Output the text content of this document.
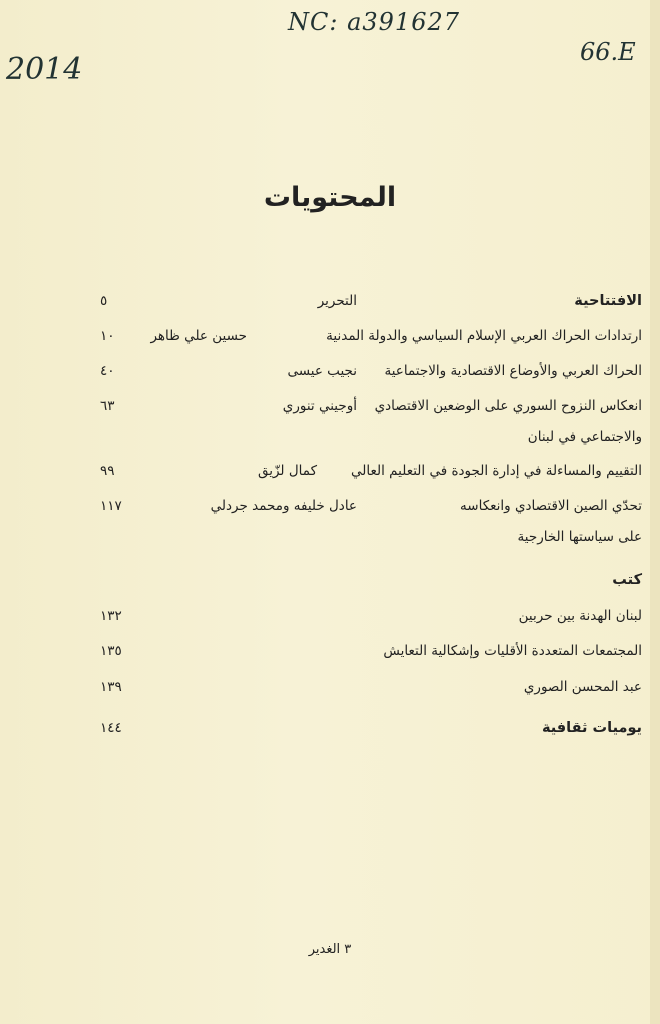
NC: a391627
2014	66.E
المحتويات
الافتتاحية
التحرير
٥
ارتدادات الحراك العربي الإسلام السياسي والدولة المدنية
حسين علي ظاهر
١٠
الحراك العربي والأوضاع الاقتصادية والاجتماعية
نجيب عيسى
٤٠
انعكاس النزوح السوري على الوضعين الاقتصادي
أوجيني تنوري
٦٣
والاجتماعي في لبنان
التقييم والمساءلة في إدارة الجودة في التعليم العالي
كمال لزّيق
٩٩
تحدّي الصين الاقتصادي وانعكاسه
عادل خليفه ومحمد جردلي
١١٧
على سياستها الخارجية
كتب
لبنان الهدنة بين حربين
١٣٢
المجتمعات المتعددة الأقليات وإشكالية التعايش
١٣٥
عبد المحسن الصوري
١٣٩
يوميات ثقافية
١٤٤
٣ الغدير
